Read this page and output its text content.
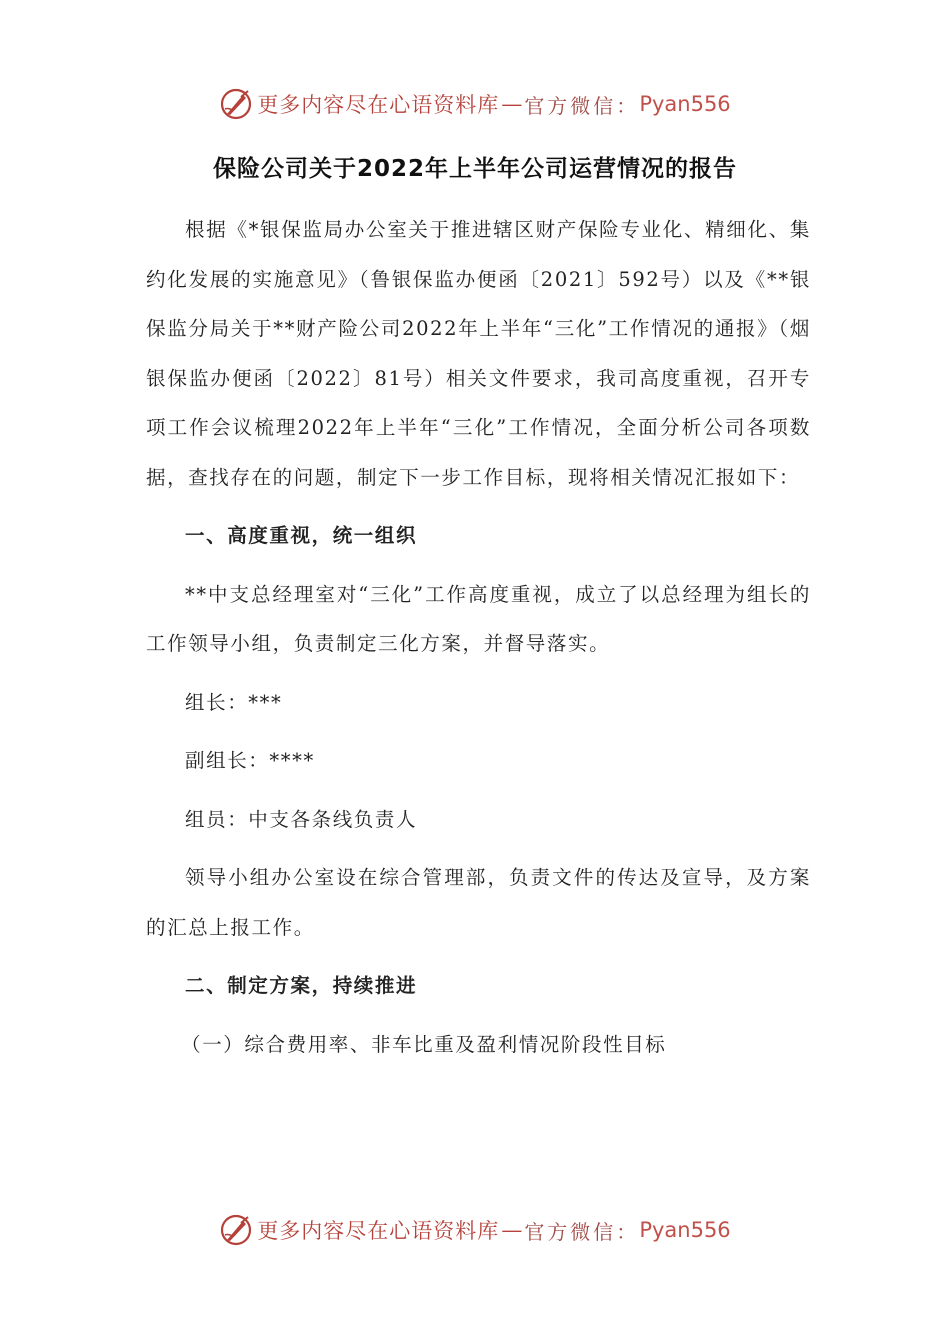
更多内容尽在心语资料库 — 官方微信： Pyan556
保险公司关于2022年上半年公司运营情况的报告

根据《*银保监局办公室关于推进辖区财产保险专业化、精细化、集约化发展的实施意见》（鲁银保监办便函〔2021〕592号）以及《**银保监分局关于**财产险公司2022年上半年“三化”工作情况的通报》（烟银保监办便函〔2022〕81号）相关文件要求，我司高度重视，召开专项工作会议梳理2022年上半年“三化”工作情况，全面分析公司各项数据，查找存在的问题，制定下一步工作目标，现将相关情况汇报如下：

一、高度重视，统一组织

**中支总经理室对“三化”工作高度重视，成立了以总经理为组长的工作领导小组，负责制定三化方案，并督导落实。

组长：***

副组长：****

组员：中支各条线负责人

领导小组办公室设在综合管理部，负责文件的传达及宣导，及方案的汇总上报工作。

二、制定方案，持续推进

（一）综合费用率、非车比重及盈利情况阶段性目标

更多内容尽在心语资料库 — 官方微信： Pyan556
